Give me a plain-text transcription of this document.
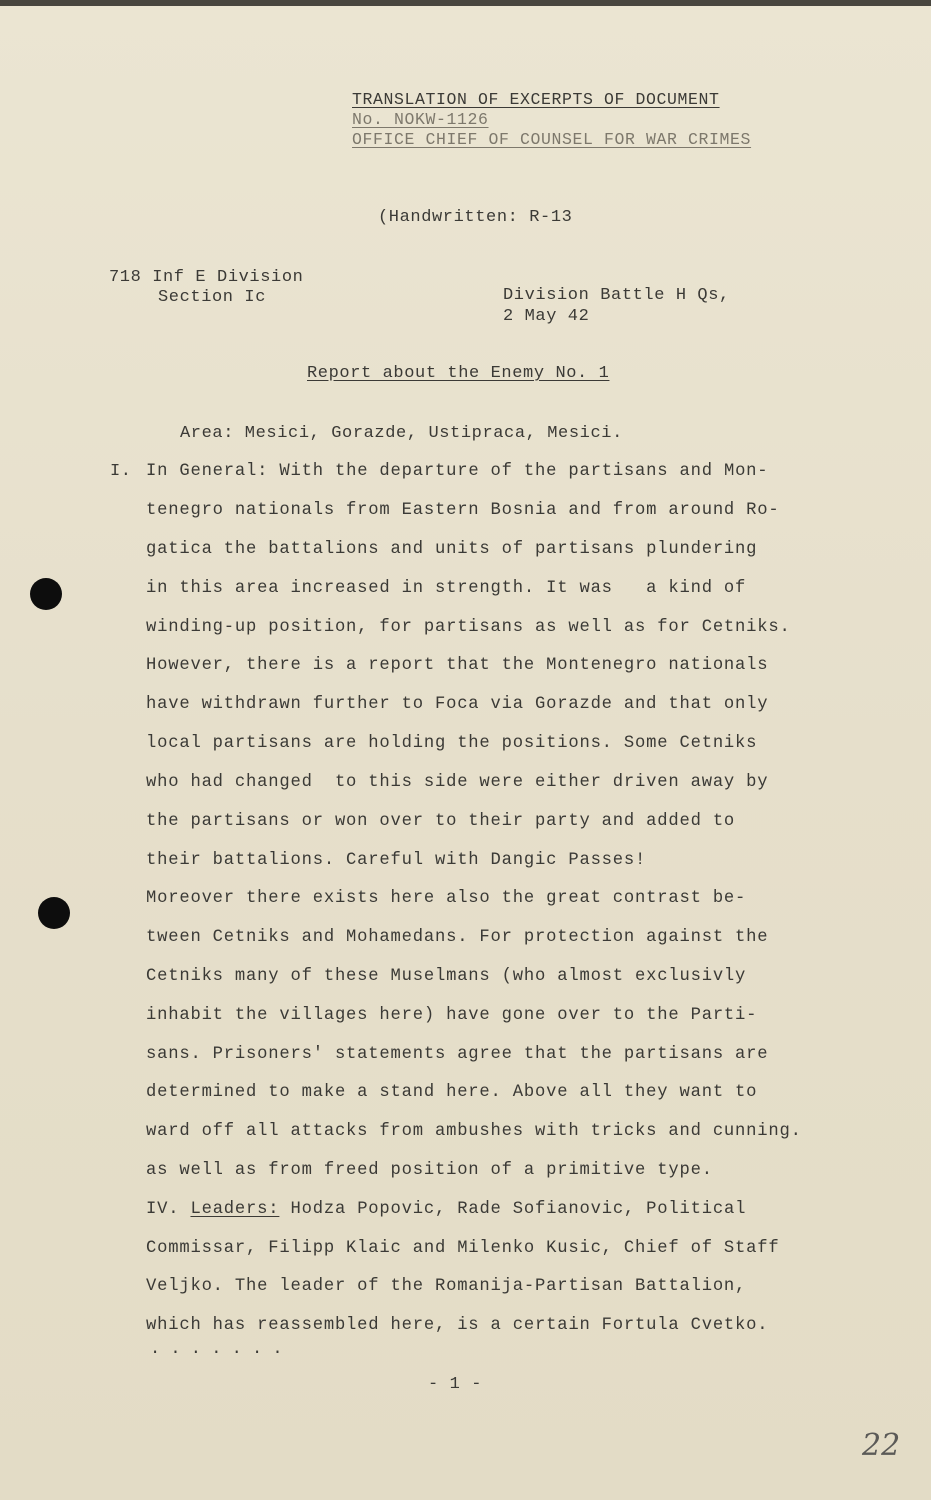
TRANSLATION OF EXCERPTS OF DOCUMENT
No. NOKW-1126
OFFICE CHIEF OF COUNSEL FOR WAR CRIMES
(Handwritten: R-13
718 Inf E Division
Section Ic	Division Battle H Qs,
2 May 42
Report about the Enemy No. 1
Area: Mesici, Gorazde, Ustipraca, Mesici.
I. In General: With the departure of the partisans and Mon-
tenegro nationals from Eastern Bosnia and from around Ro-
gatica the battalions and units of partisans plundering
in this area increased in strength. It was   a kind of
winding-up position, for partisans as well as for Cetniks.
However, there is a report that the Montenegro nationals
have withdrawn further to Foca via Gorazde and that only
local partisans are holding the positions. Some Cetniks
who had changed  to this side were either driven away by
the partisans or won over to their party and added to
their battalions. Careful with Dangic Passes!
Moreover there exists here also the great contrast be-
tween Cetniks and Mohamedans. For protection against the
Cetniks many of these Muselmans (who almost exclusivly
inhabit the villages here) have gone over to the Parti-
sans. Prisoners' statements agree that the partisans are
determined to make a stand here. Above all they want to
ward off all attacks from ambushes with tricks and cunning.
as well as from freed position of a primitive type.
IV. Leaders: Hodza Popovic, Rade Sofianovic, Political
Commissar, Filipp Klaic and Milenko Kusic, Chief of Staff
Veljko. The leader of the Romanija-Partisan Battalion,
which has reassembled here, is a certain Fortula Cvetko.
. . . . . . .
- 1 -
22
